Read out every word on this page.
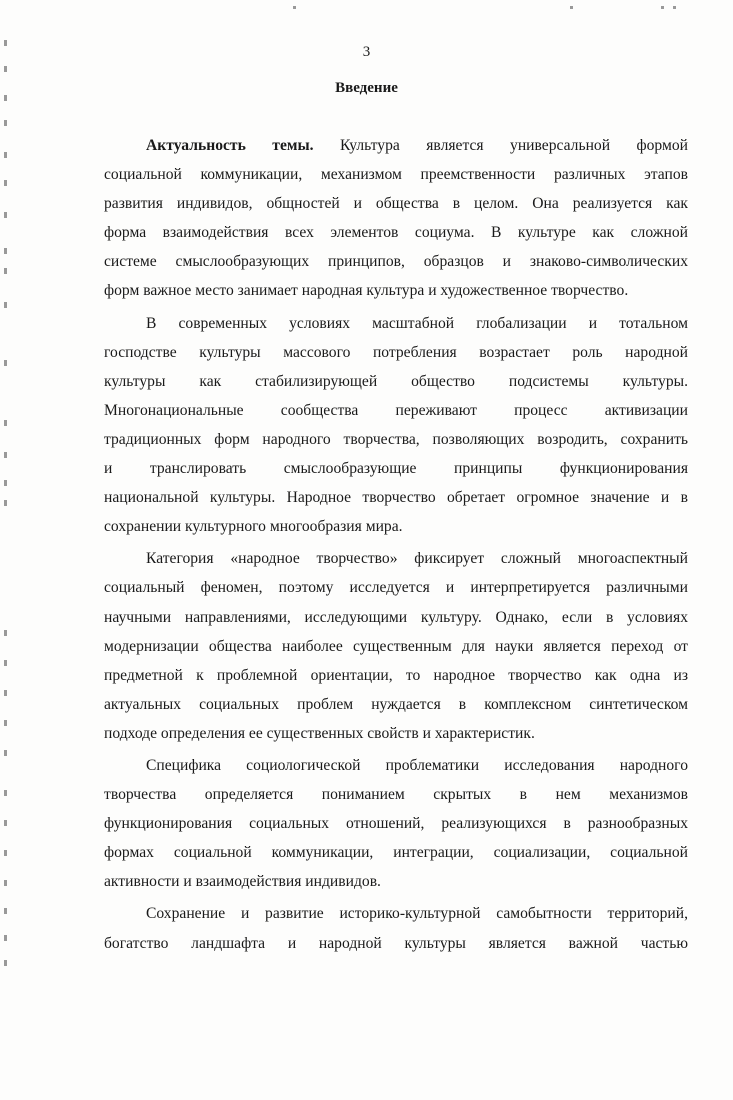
3
Введение
Актуальность темы. Культура является универсальной формой
социальной коммуникации, механизмом преемственности различных этапов
развития индивидов, общностей и общества в целом. Она реализуется как
форма взаимодействия всех элементов социума. В культуре как сложной
системе смыслообразующих принципов, образцов и знаково-символических
форм важное место занимает народная культура и художественное творчество.
В современных условиях масштабной глобализации и тотальном
господстве культуры массового потребления возрастает роль народной
культуры как стабилизирующей общество подсистемы культуры.
Многонациональные сообщества переживают процесс активизации
традиционных форм народного творчества, позволяющих возродить, сохранить
и транслировать смыслообразующие принципы функционирования
национальной культуры. Народное творчество обретает огромное значение и в
сохранении культурного многообразия мира.
Категория «народное творчество» фиксирует сложный многоаспектный
социальный феномен, поэтому исследуется и интерпретируется различными
научными направлениями, исследующими культуру. Однако, если в условиях
модернизации общества наиболее существенным для науки является переход от
предметной к проблемной ориентации, то народное творчество как одна из
актуальных социальных проблем нуждается в комплексном синтетическом
подходе определения ее существенных свойств и характеристик.
Специфика социологической проблематики исследования народного
творчества определяется пониманием скрытых в нем механизмов
функционирования социальных отношений, реализующихся в разнообразных
формах социальной коммуникации, интеграции, социализации, социальной
активности и взаимодействия индивидов.
Сохранение и развитие историко-культурной самобытности территорий,
богатство ландшафта и народной культуры является важной частью
